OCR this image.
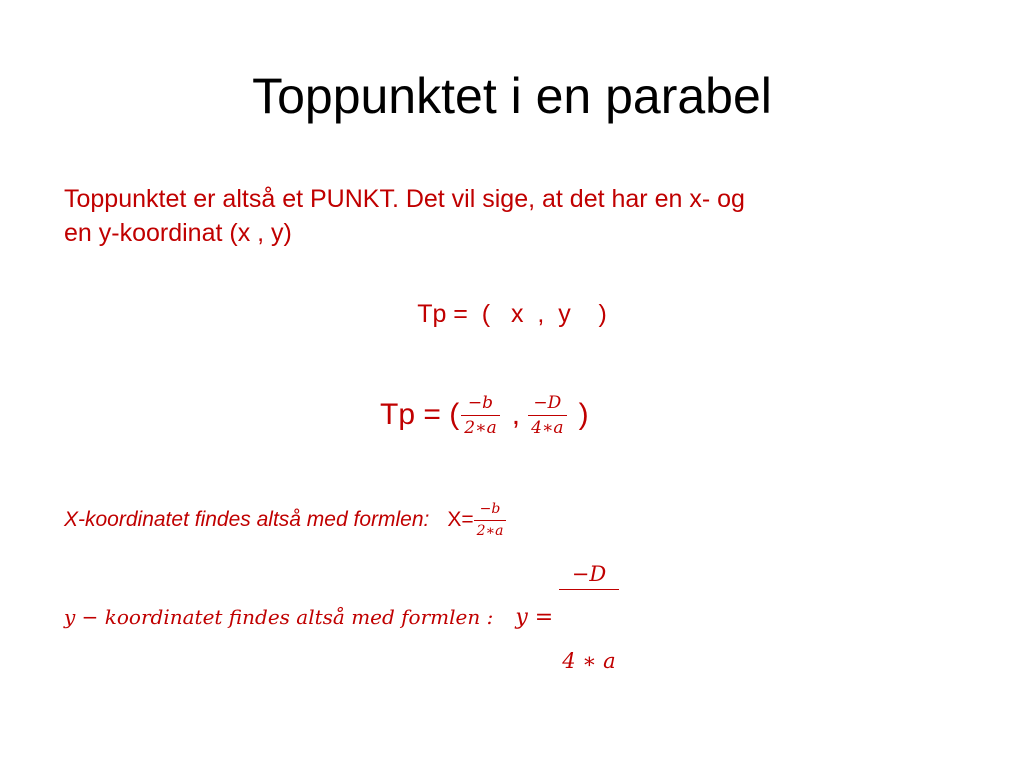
Toppunktet i en parabel

Toppunktet er altså et PUNKT. Det vil sige, at det har en x- og

en y-koordinat (x , y)

Tp =  (   x  ,  y    )
Tp = ( $\frac{-b}{2∗a}$ , $\frac{-D}{4∗a}$ )
X-koordinatet findes altså med formlen: $X= \frac{-b}{2∗a}$
y − koordinatet findes altså med formlen : y =

$\frac{-D}{4 ∗ a}$
